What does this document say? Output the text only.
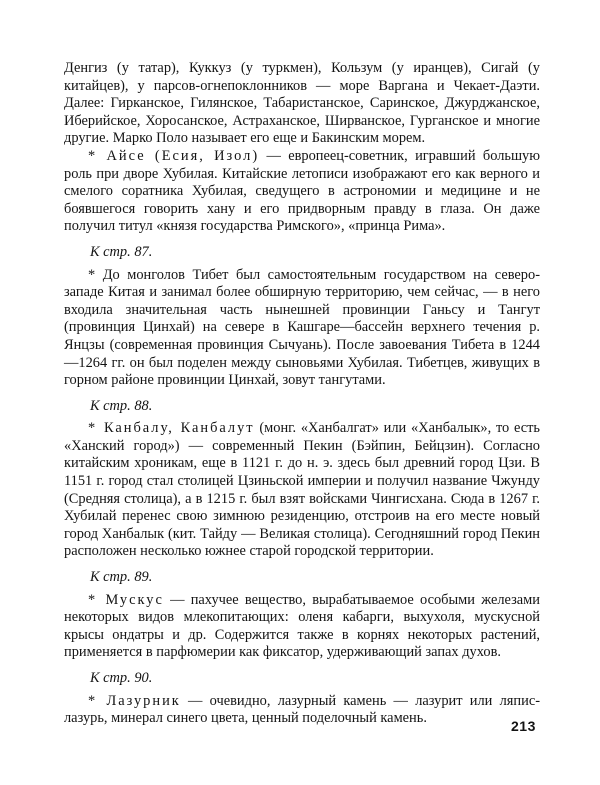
Денгиз (у татар), Куккуз (у туркмен), Кользум (у иранцев), Сигай (у китайцев), у парсов-огнепоклонников — море Варгана и Чекает-Даэти. Далее: Гирканское, Гилянское, Табаристанское, Саринское, Джурджанское, Иберийское, Хоросанское, Астраханское, Ширванское, Гурганское и многие другие. Марко Поло называет его еще и Бакинским морем.

* Айсе (Есия, Изол) — европеец-советник, игравший большую роль при дворе Хубилая. Китайские летописи изображают его как верного и смелого соратника Хубилая, сведущего в астрономии и медицине и не боявшегося говорить хану и его придворным правду в глаза. Он даже получил титул «князя государства Римского», «принца Рима».

К стр. 87.

* До монголов Тибет был самостоятельным государством на северо-западе Китая и занимал более обширную территорию, чем сейчас, — в него входила значительная часть нынешней провинции Ганьсу и Тангут (провинция Цинхай) на севере в Кашгаре—бассейн верхнего течения р. Янцзы (современная провинция Сычуань). После завоевания Тибета в 1244—1264 гг. он был поделен между сыновьями Хубилая. Тибетцев, живущих в горном районе провинции Цинхай, зовут тангутами.

К стр. 88.

* Канбалу, Канбалут (монг. «Ханбалгат» или «Ханбалык», то есть «Ханский город») — современный Пекин (Бэйпин, Бейцзин). Согласно китайским хроникам, еще в 1121 г. до н. э. здесь был древний город Цзи. В 1151 г. город стал столицей Цзиньской империи и получил название Чжунду (Средняя столица), а в 1215 г. был взят войсками Чингисхана. Сюда в 1267 г. Хубилай перенес свою зимнюю резиденцию, отстроив на его месте новый город Ханбалык (кит. Тайду — Великая столица). Сегодняшний город Пекин расположен несколько южнее старой городской территории.

К стр. 89.

* Мускус — пахучее вещество, вырабатываемое особыми железами некоторых видов млекопитающих: оленя кабарги, выхухоля, мускусной крысы ондатры и др. Содержится также в корнях некоторых растений, применяется в парфюмерии как фиксатор, удерживающий запах духов.

К стр. 90.

* Лазурник — очевидно, лазурный камень — лазурит или ляпис-лазурь, минерал синего цвета, ценный поделочный камень.	213
